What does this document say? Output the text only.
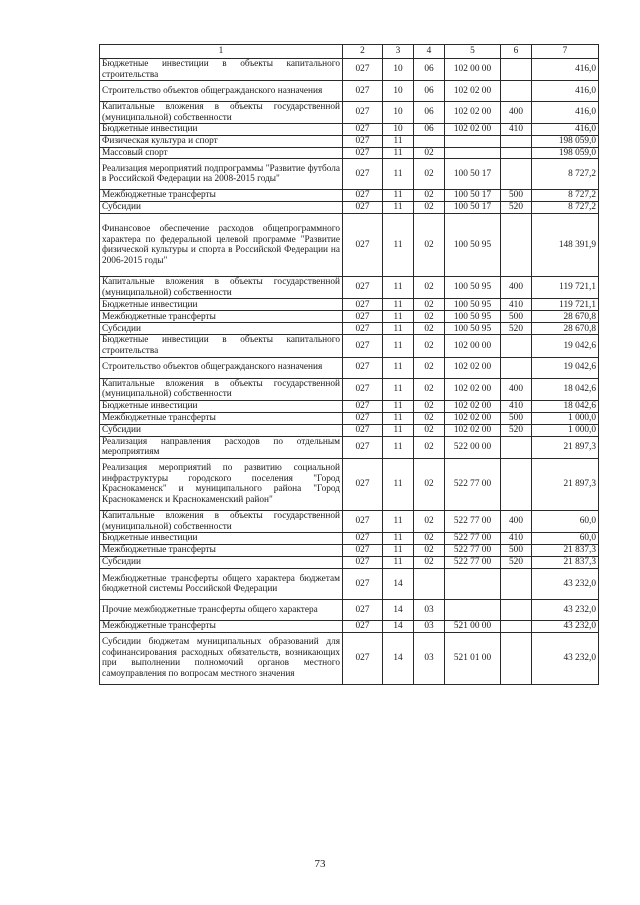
1	2	3	4	5	6	7
Бюджетные инвестиции в объекты капитального строительства	027	10	06	102 00 00		416,0
Строительство объектов общегражданского назначения	027	10	06	102 02 00		416,0
Капитальные вложения в объекты государственной (муниципальной) собственности	027	10	06	102 02 00	400	416,0
Бюджетные инвестиции	027	10	06	102 02 00	410	416,0
Физическая культура и спорт	027	11				198 059,0
Массовый спорт	027	11	02			198 059,0
Реализация мероприятий подпрограммы "Развитие футбола в Российской Федерации на 2008-2015 годы"	027	11	02	100 50 17		8 727,2
Межбюджетные трансферты	027	11	02	100 50 17	500	8 727,2
Субсидии	027	11	02	100 50 17	520	8 727,2
Финансовое обеспечение расходов общепрограммного характера по федеральной целевой программе "Развитие физической культуры и спорта в Российской Федерации на 2006-2015 годы"	027	11	02	100 50 95		148 391,9
Капитальные вложения в объекты государственной (муниципальной) собственности	027	11	02	100 50 95	400	119 721,1
Бюджетные инвестиции	027	11	02	100 50 95	410	119 721,1
Межбюджетные трансферты	027	11	02	100 50 95	500	28 670,8
Субсидии	027	11	02	100 50 95	520	28 670,8
Бюджетные инвестиции в объекты капитального строительства	027	11	02	102 00 00		19 042,6
Строительство объектов общегражданского назначения	027	11	02	102 02 00		19 042,6
Капитальные вложения в объекты государственной (муниципальной) собственности	027	11	02	102 02 00	400	18 042,6
Бюджетные инвестиции	027	11	02	102 02 00	410	18 042,6
Межбюджетные трансферты	027	11	02	102 02 00	500	1 000,0
Субсидии	027	11	02	102 02 00	520	1 000,0
Реализация направления расходов по отдельным мероприятиям	027	11	02	522 00 00		21 897,3
Реализация мероприятий по развитию социальной инфраструктуры городского поселения "Город Краснокаменск" и муниципального района "Город Краснокаменск и Краснокаменский район"	027	11	02	522 77 00		21 897,3
Капитальные вложения в объекты государственной (муниципальной) собственности	027	11	02	522 77 00	400	60,0
Бюджетные инвестиции	027	11	02	522 77 00	410	60,0
Межбюджетные трансферты	027	11	02	522 77 00	500	21 837,3
Субсидии	027	11	02	522 77 00	520	21 837,3
Межбюджетные трансферты общего характера бюджетам бюджетной системы Российской Федерации	027	14				43 232,0
Прочие межбюджетные трансферты общего характера	027	14	03			43 232,0
Межбюджетные трансферты	027	14	03	521 00 00		43 232,0
Субсидии бюджетам муниципальных образований для софинансирования расходных обязательств, возникающих при выполнении полномочий органов местного самоуправления по вопросам местного значения	027	14	03	521 01 00		43 232,0
73
